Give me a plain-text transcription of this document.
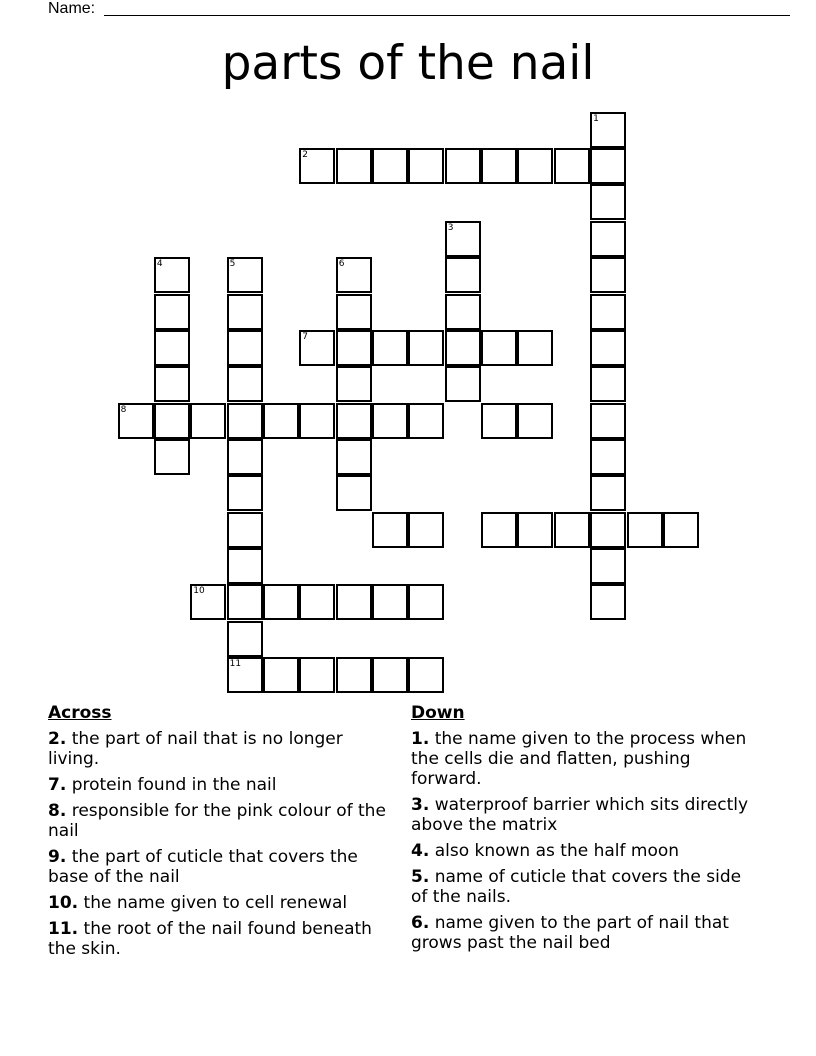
Name:
parts of the nail
1
2
3
4	5
11
6
7
8
10
Across
2. the part of nail that is no longer living.
7. protein found in the nail
8. responsible for the pink colour of the nail
9. the part of cuticle that covers the base of the nail
10. the name given to cell renewal
11. the root of the nail found beneath the skin.
Down
1. the name given to the process when the cells die and flatten, pushing forward.
3. waterproof barrier which sits directly above the matrix
4. also known as the half moon
5. name of cuticle that covers the side of the nails.
6. name given to the part of nail that grows past the nail bed
